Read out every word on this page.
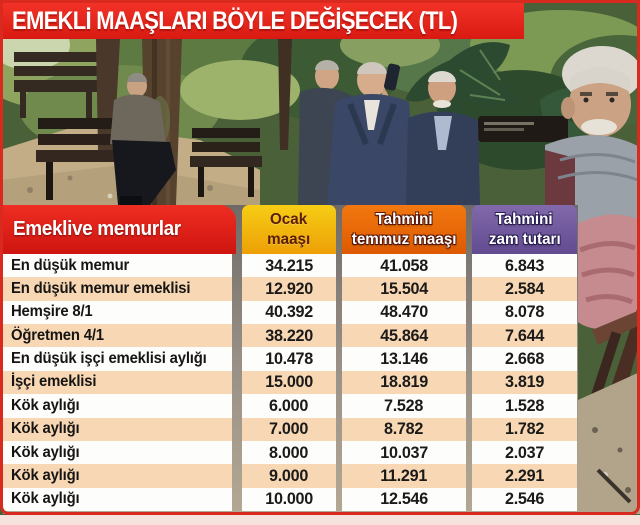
EMEKLİ MAAŞLARI BÖYLE DEĞİŞECEK (TL)
Emeklive memurlar	Ocak
maaşı
Tahmini
temmuz maaşı
Tahmini
zam tutarı
En düşük memur
En düşük memur emeklisi
Hemşire 8/1
Öğretmen 4/1
En düşük işçi emeklisi aylığı
İşçi emeklisi
Kök aylığı
Kök aylığı
Kök aylığı
Kök aylığı
Kök aylığı
34.215
12.920
40.392
38.220
10.478
15.000
6.000
7.000
8.000
9.000
10.000
41.058
15.504
48.470
45.864
13.146
18.819
7.528
8.782
10.037
11.291
12.546
6.843
2.584
8.078
7.644
2.668
3.819
1.528
1.782
2.037
2.291
2.546
